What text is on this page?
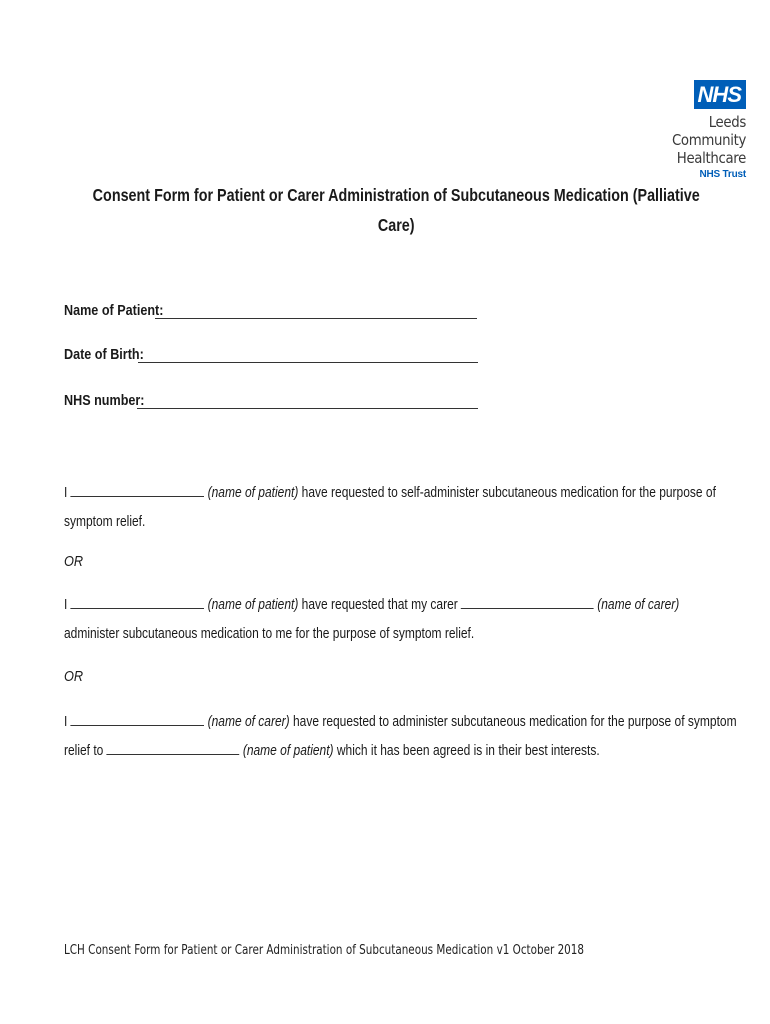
NHS
Leeds Community
Healthcare
NHS Trust
Consent Form for Patient or Carer Administration of Subcutaneous Medication (Palliative
Care)
Name of Patient:
Date of Birth:
NHS number:
I	(name of patient) have requested to self-administer subcutaneous medication for the purpose of
symptom relief.
OR
I	(name of patient) have requested that my carer	(name of carer)
administer subcutaneous medication to me for the purpose of symptom relief.
OR
I	(name of carer) have requested to administer subcutaneous medication for the purpose of symptom
relief to	(name of patient) which it has been agreed is in their best interests.
LCH Consent Form for Patient or Carer Administration of Subcutaneous Medication v1 October 2018
